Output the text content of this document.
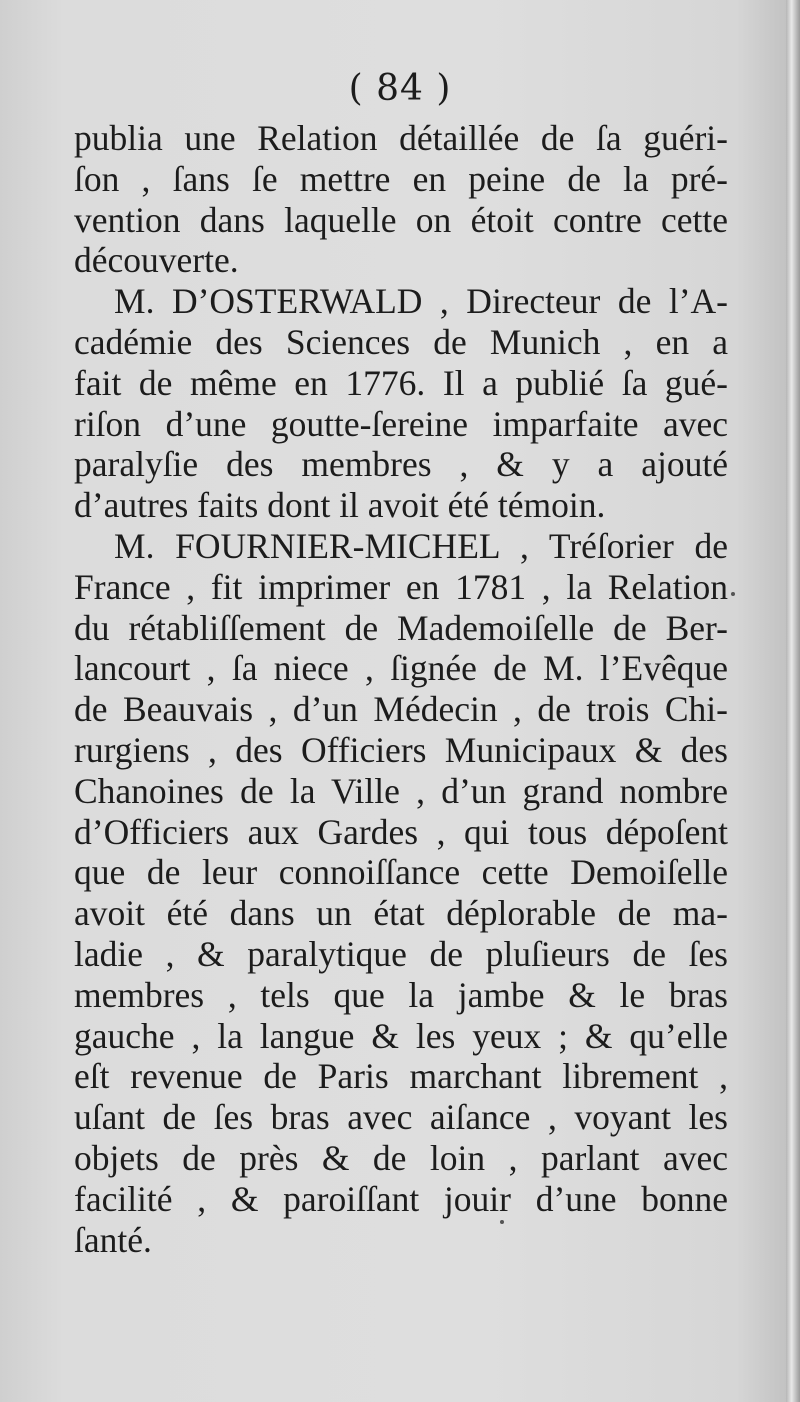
( 84 )
publia une Relation détaillée de ſa guéri-
ſon , ſans ſe mettre en peine de la pré-
vention dans laquelle on étoit contre cette
découverte.
M. D’OSTERWALD , Directeur de l’A-
cadémie des Sciences de Munich , en a
fait de même en 1776. Il a publié ſa gué-
riſon d’une goutte-ſereine imparfaite avec
paralyſie des membres , & y a ajouté
d’autres faits dont il avoit été témoin.
M. FOURNIER-MICHEL , Tréſorier de
France , fit imprimer en 1781 , la Relation
du rétabliſſement de Mademoiſelle de Ber-
lancourt , ſa niece , ſignée de M. l’Evêque
de Beauvais , d’un Médecin , de trois Chi-
rurgiens , des Officiers Municipaux & des
Chanoines de la Ville , d’un grand nombre
d’Officiers aux Gardes , qui tous dépoſent
que de leur connoiſſance cette Demoiſelle
avoit été dans un état déplorable de ma-
ladie , & paralytique de pluſieurs de ſes
membres , tels que la jambe & le bras
gauche , la langue & les yeux ; & qu’elle
eſt revenue de Paris marchant librement ,
uſant de ſes bras avec aiſance , voyant les
objets de près & de loin , parlant avec
facilité , & paroiſſant jouir d’une bonne
ſanté.
